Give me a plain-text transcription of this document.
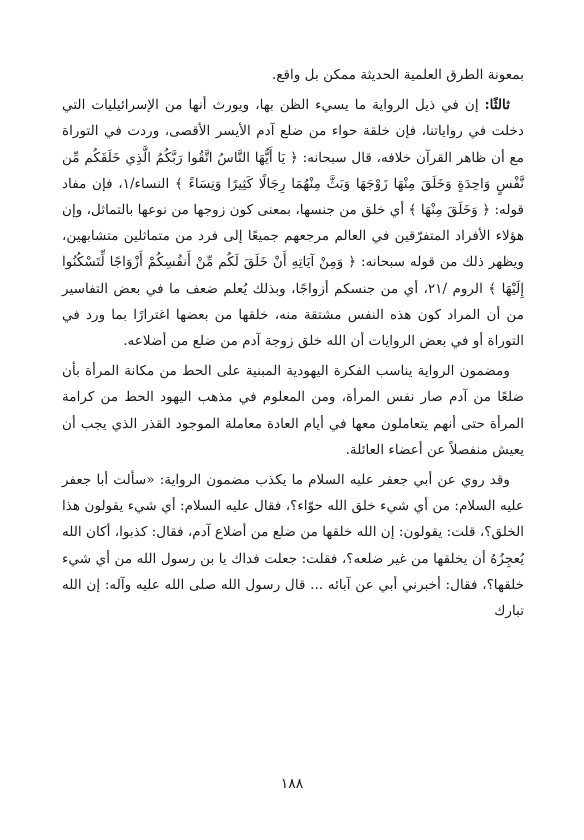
بمعونة الطرق العلمية الحديثة ممكن بل واقع.

ثالثًا: إن في ذيل الرواية ما يسيء الظن بها، ويورث أنها من الإسرائيليات التي دخلت في رواياتنا، فإن خلقة حواء من ضلع آدم الأيسر الأقصى، وردت في التوراة مع أن ظاهر القرآن خلافه، قال سبحانه: ﴿ يَا أَيُّهَا النَّاسُ اتَّقُوا رَبَّكُمُ الَّذِي خَلَقَكُم مِّن نَّفْسٍ وَاحِدَةٍ وَخَلَقَ مِنْهَا زَوْجَهَا وَبَثَّ مِنْهُمَا رِجَالًا كَثِيرًا وَنِسَاءً ﴾ النساء/١، فإن مفاد قوله: ﴿ وَخَلَقَ مِنْهَا ﴾ أي خلق من جنسها، بمعنى كون زوجها من نوعها بالتماثل، وإن هؤلاء الأفراد المتفرّقين في العالم مرجعهم جميعًا إلى فرد من متماثلين متشابهين، ويظهر ذلك من قوله سبحانه: ﴿ وَمِنْ آيَاتِهِ أَنْ خَلَقَ لَكُم مِّنْ أَنفُسِكُمْ أَزْوَاجًا لِّتَسْكُنُوا إِلَيْهَا ﴾ الروم /٢١، أي من جنسكم أزواجًا، وبذلك يُعلم ضعف ما في بعض التفاسير من أن المراد كون هذه النفس مشتقة منه، خلقها من بعضها اغترارًا بما ورد في التوراة أو في بعض الروايات أن الله خلق زوجة آدم من ضلع من أضلاعه.

ومضمون الرواية يناسب الفكرة اليهودية المبنية على الحط من مكانة المرأة بأن ضلعًا من آدم صار نفس المرأة، ومن المعلوم في مذهب اليهود الحط من كرامة المرأة حتى أنهم يتعاملون معها في أيام العادة معاملة الموجود القذر الذي يجب أن يعيش منفصلاً عن أعضاء العائلة.

وقد روي عن أبي جعفر عليه السلام ما يكذب مضمون الرواية: «سألت أبا جعفر عليه السلام: من أي شيء خلق الله حوّاء؟، فقال عليه السلام: أي شيء يقولون هذا الخلق؟، قلت: يقولون: إن الله خلقها من ضلع من أضلاع آدم، فقال: كذبوا، أكان الله يُعجِزُهُ أن يخلقها من غير ضلعه؟، فقلت: جعلت فداك يا بن رسول الله من أي شيء خلقها؟، فقال: أخبرني أبي عن آبائه ... قال رسول الله صلى الله عليه وآله: إن الله تبارك

١٨٨
